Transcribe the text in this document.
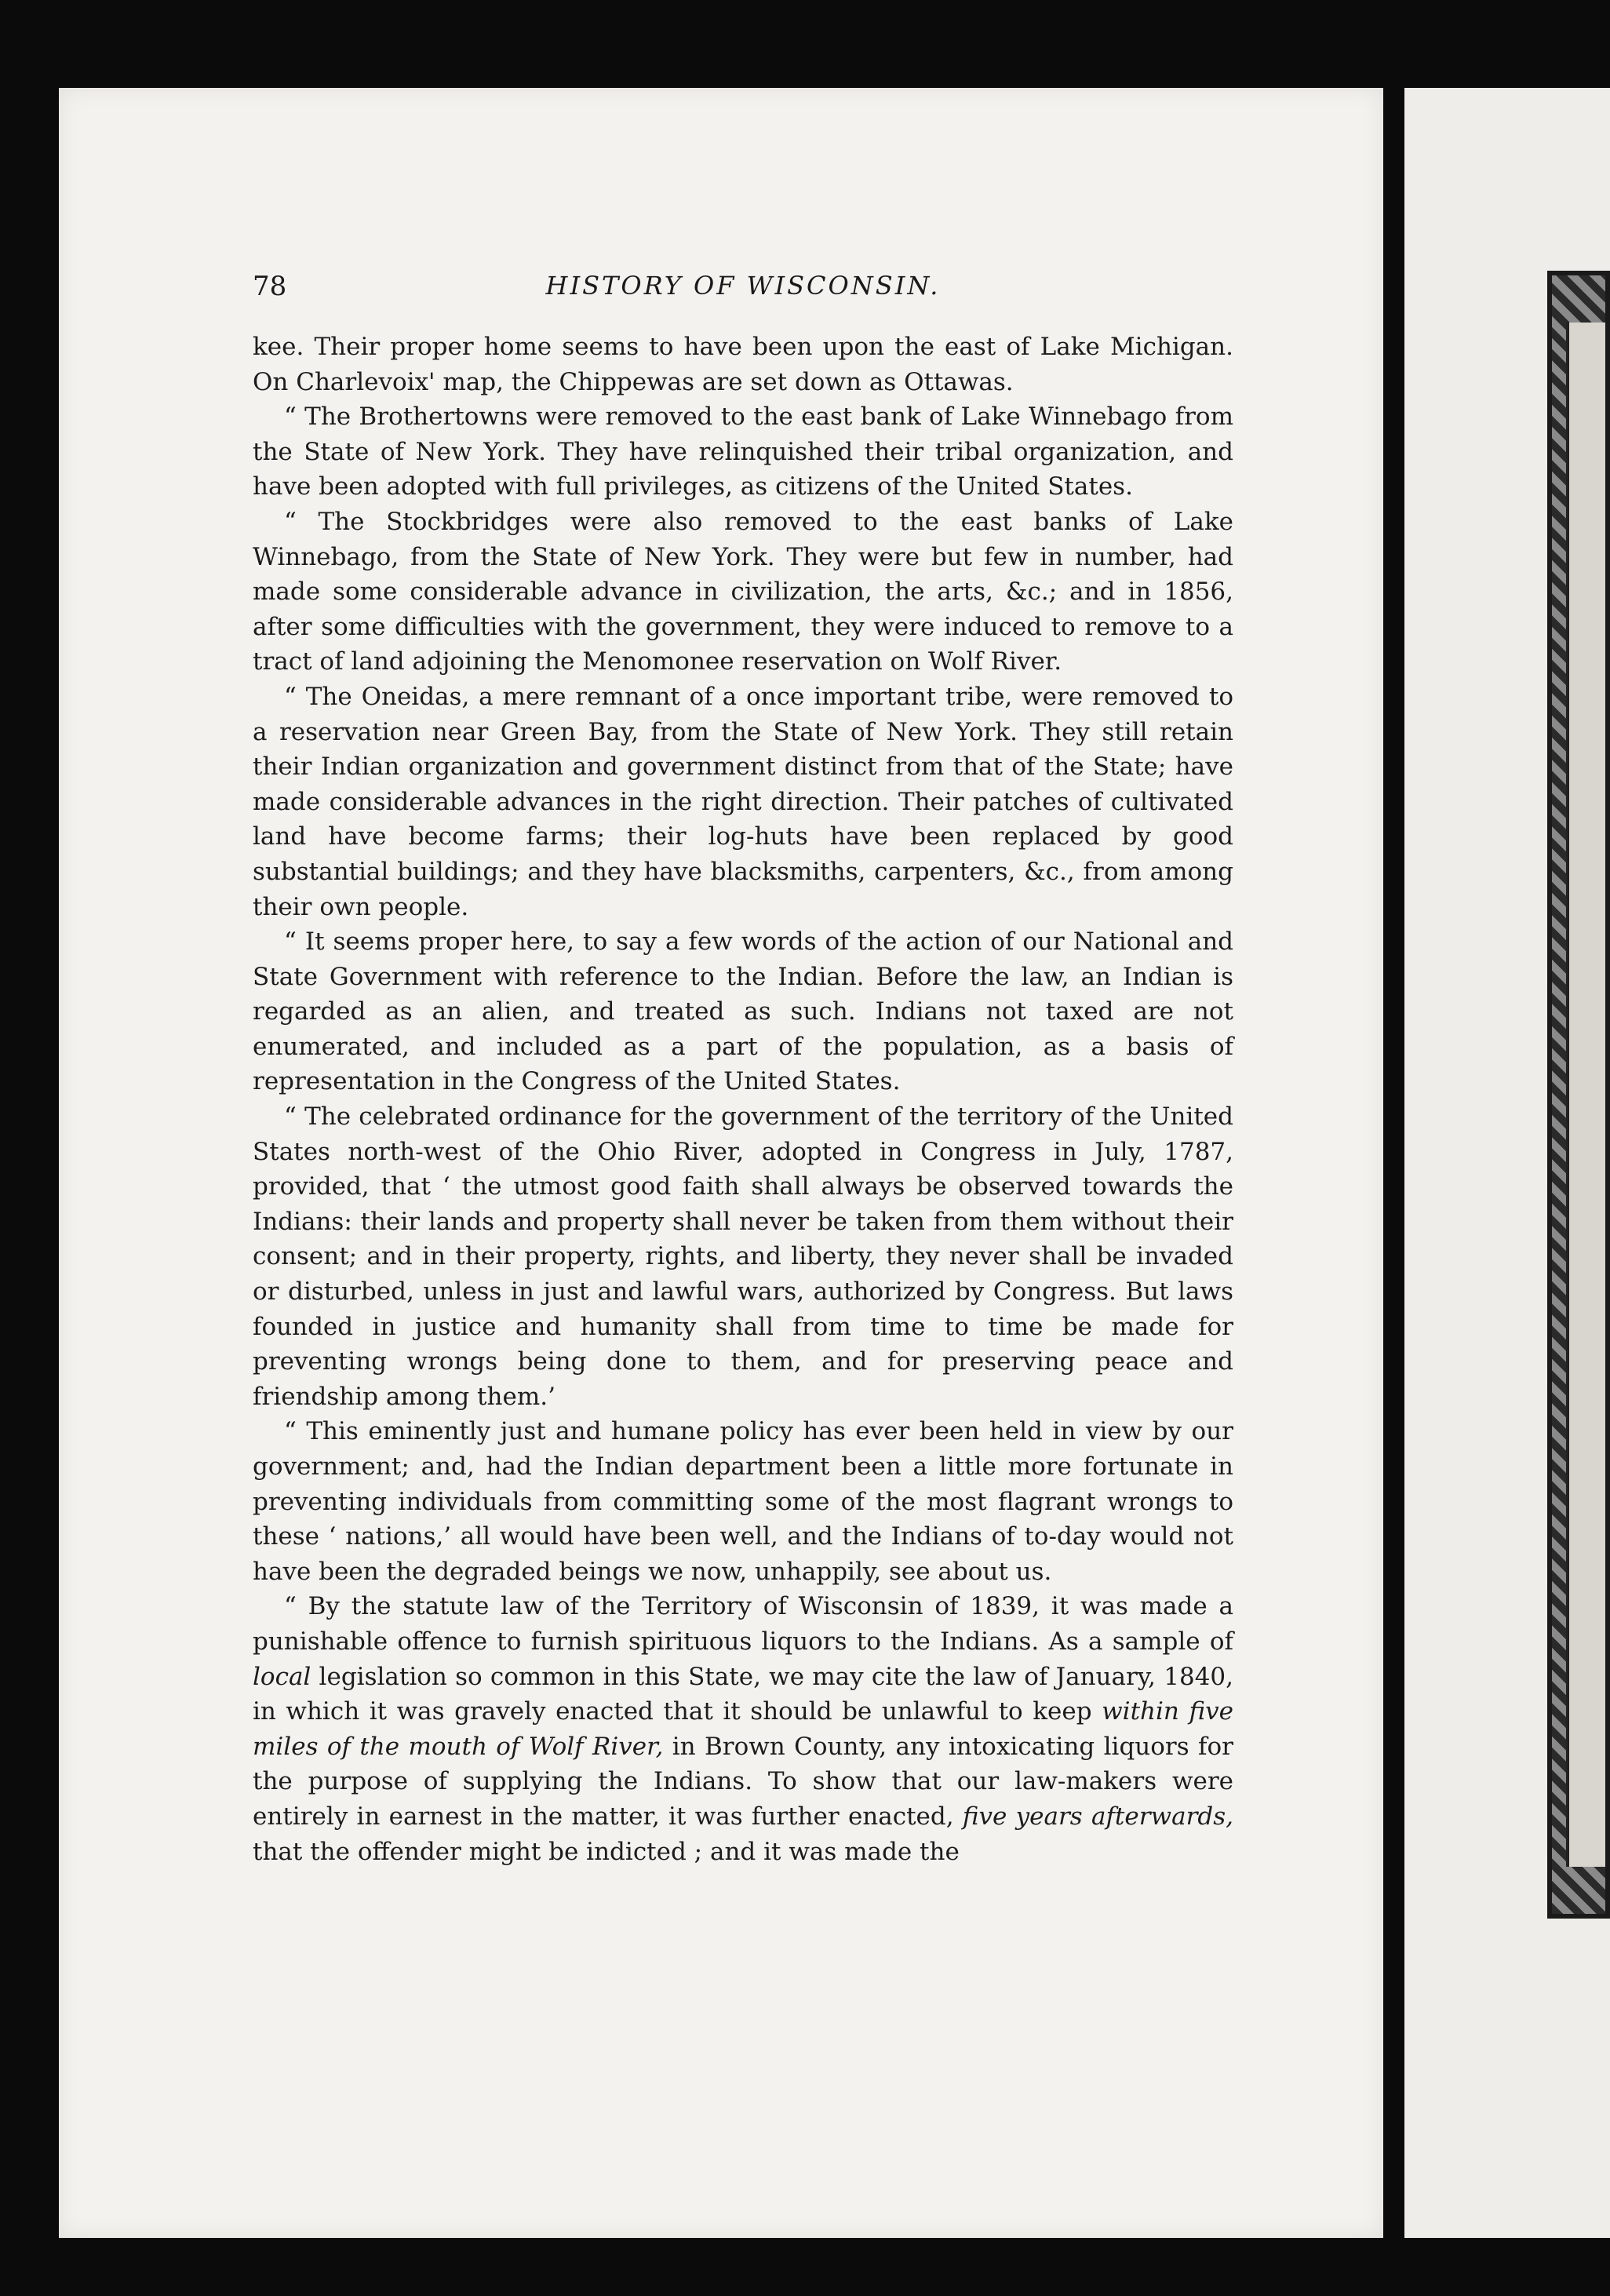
78	HISTORY OF WISCONSIN.

kee. Their proper home seems to have been upon the east of Lake Michigan. On Charlevoix' map, the Chippewas are set down as Ottawas.

“ The Brothertowns were removed to the east bank of Lake Winnebago from the State of New York. They have relinquished their tribal organization, and have been adopted with full privileges, as citizens of the United States.

“ The Stockbridges were also removed to the east banks of Lake Winnebago, from the State of New York. They were but few in number, had made some considerable advance in civilization, the arts, &c.; and in 1856, after some difficulties with the government, they were induced to remove to a tract of land adjoining the Menomonee reservation on Wolf River.

“ The Oneidas, a mere remnant of a once important tribe, were removed to a reservation near Green Bay, from the State of New York. They still retain their Indian organization and government distinct from that of the State; have made considerable advances in the right direction. Their patches of cultivated land have become farms; their log-huts have been replaced by good substantial buildings; and they have blacksmiths, carpenters, &c., from among their own people.

“ It seems proper here, to say a few words of the action of our National and State Government with reference to the Indian. Before the law, an Indian is regarded as an alien, and treated as such. Indians not taxed are not enumerated, and included as a part of the population, as a basis of representation in the Congress of the United States.

“ The celebrated ordinance for the government of the territory of the United States north-west of the Ohio River, adopted in Congress in July, 1787, provided, that ‘ the utmost good faith shall always be observed towards the Indians: their lands and property shall never be taken from them without their consent; and in their property, rights, and liberty, they never shall be invaded or disturbed, unless in just and lawful wars, authorized by Congress. But laws founded in justice and humanity shall from time to time be made for preventing wrongs being done to them, and for preserving peace and friendship among them.’

“ This eminently just and humane policy has ever been held in view by our government; and, had the Indian department been a little more fortunate in preventing individuals from committing some of the most flagrant wrongs to these ‘ nations,’ all would have been well, and the Indians of to-day would not have been the degraded beings we now, unhappily, see about us.

“ By the statute law of the Territory of Wisconsin of 1839, it was made a punishable offence to furnish spirituous liquors to the Indians. As a sample of local legislation so common in this State, we may cite the law of January, 1840, in which it was gravely enacted that it should be unlawful to keep within five miles of the mouth of Wolf River, in Brown County, any intoxicating liquors for the purpose of supplying the Indians. To show that our law-makers were entirely in earnest in the matter, it was further enacted, five years afterwards, that the offender might be indicted ; and it was made the
